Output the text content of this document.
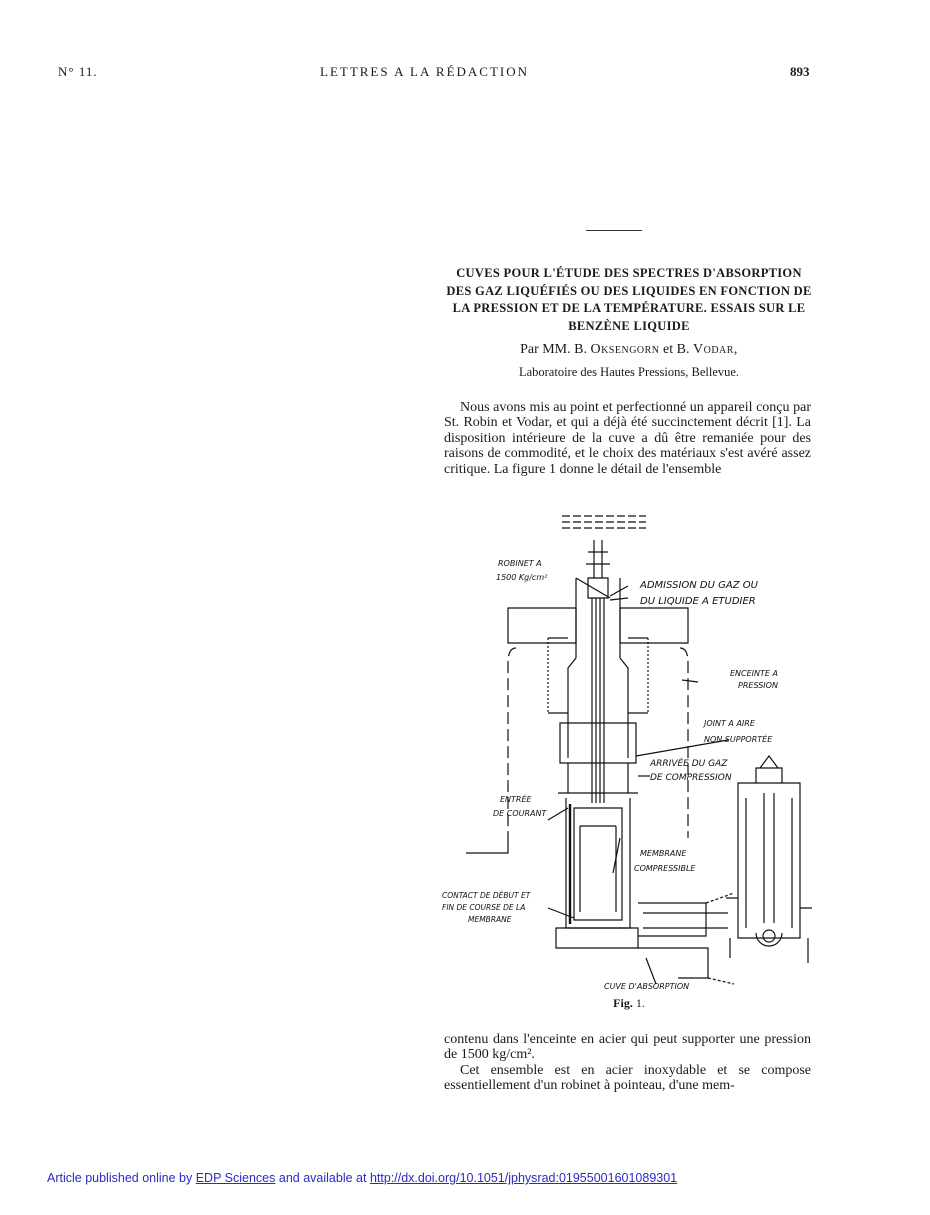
N° 11.	LETTRES A LA RÉDACTION	893
CUVES POUR L'ÉTUDE DES SPECTRES D'ABSORPTION DES GAZ LIQUÉFIÉS OU DES LIQUIDES EN FONCTION DE LA PRESSION ET DE LA TEMPÉRATURE. ESSAIS SUR LE BENZÈNE LIQUIDE
Par MM. B. Oksengorn et B. Vodar,
Laboratoire des Hautes Pressions, Bellevue.

Nous avons mis au point et perfectionné un appareil conçu par St. Robin et Vodar, et qui a déjà été succinctement décrit [1]. La disposition intérieure de la cuve a dû être remaniée pour des raisons de commodité, et le choix des matériaux s'est avéré assez critique. La figure 1 donne le détail de l'ensemble

ROBINET A
1500 Kg/cm²
ADMISSION DU GAZ OU
DU LIQUIDE A ETUDIER
ENCEINTE A
PRESSION
JOINT A AIRE
NON SUPPORTÉE
ARRIVÉE DU GAZ
DE COMPRESSION
ENTRÉE
DE COURANT
MEMBRANE
COMPRESSIBLE
CONTACT DE DÉBUT ET
FIN DE COURSE DE LA
MEMBRANE
CUVE D'ABSORPTION
Fig. 1.

contenu dans l'enceinte en acier qui peut supporter une pression de 1500 kg/cm².

Cet ensemble est en acier inoxydable et se compose essentiellement d'un robinet à pointeau, d'une mem-

Article published online by EDP Sciences and available at http://dx.doi.org/10.1051/jphysrad:01955001601089301
